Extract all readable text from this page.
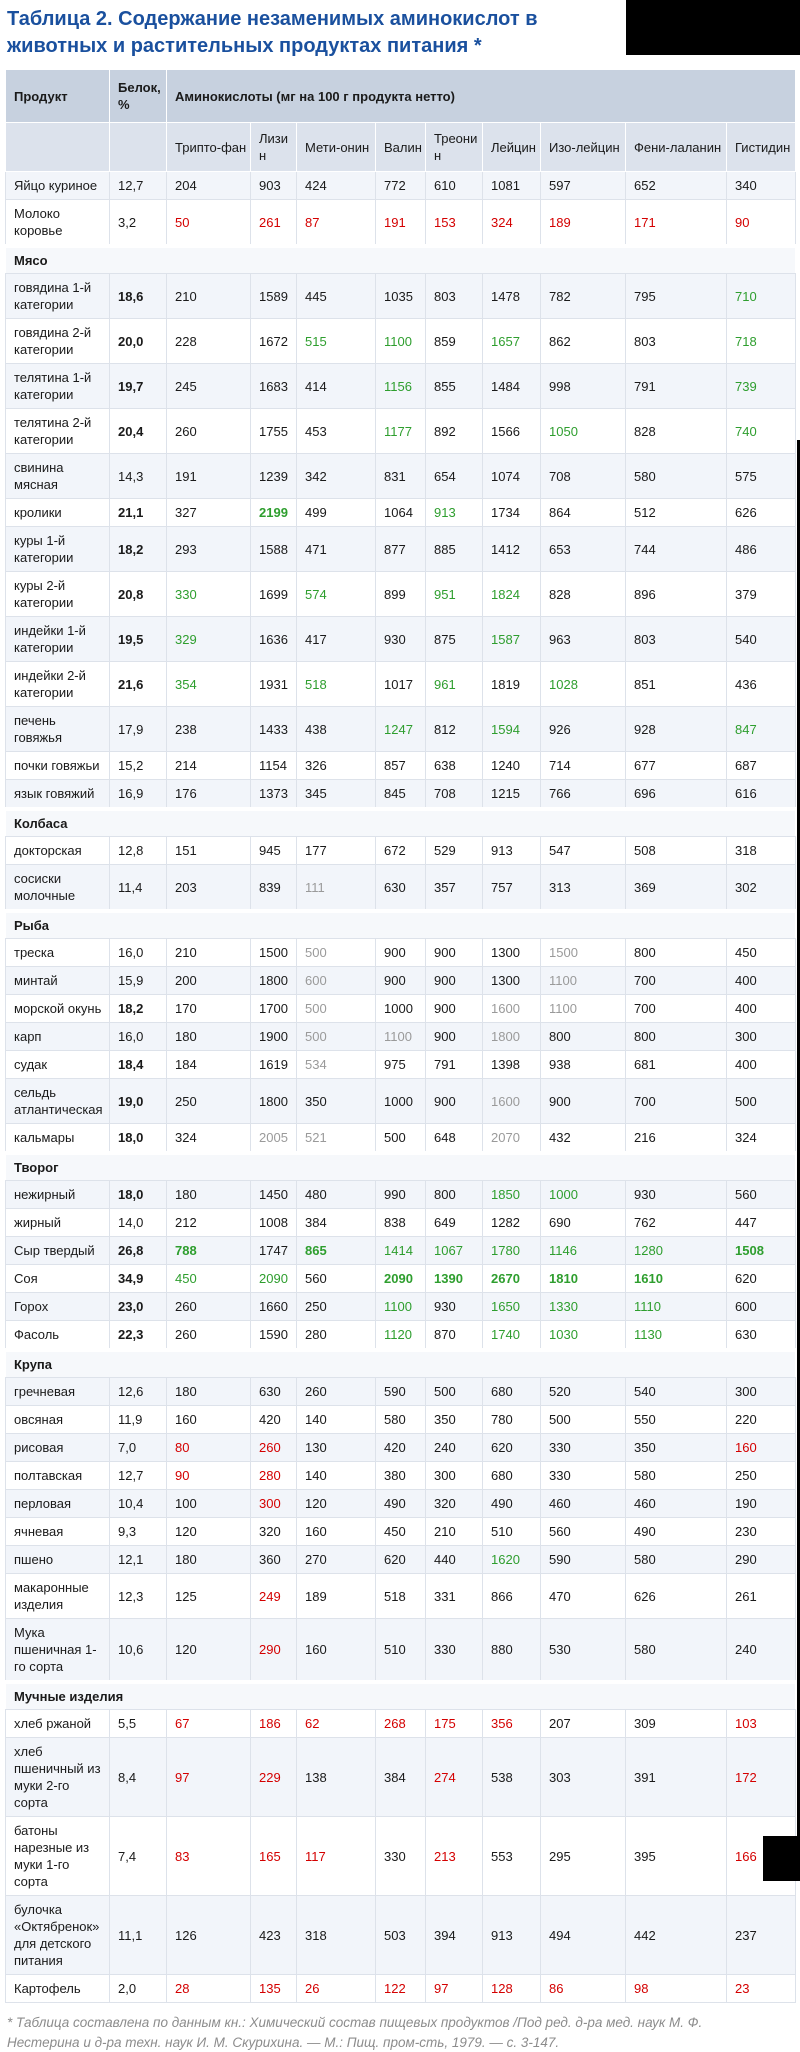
Таблица 2. Содержание незаменимых аминокислот в животных и растительных продуктах питания *
Продукт	Белок, %	Аминокислоты (мг на 100 г продукта нетто)								
		Трипто-фан	Лизин	Мети-онин	Валин	Треонин	Лейцин	Изо-лейцин	Фени-лаланин	Гистидин
Яйцо куриное	12,7	204	903	424	772	610	1081	597	652	340
Молоко коровье	3,2	50	261	87	191	153	324	189	171	90
Мясо										
говядина 1-й категории	18,6	210	1589	445	1035	803	1478	782	795	710
говядина 2-й категории	20,0	228	1672	515	1100	859	1657	862	803	718
телятина 1-й категории	19,7	245	1683	414	1156	855	1484	998	791	739
телятина 2-й категории	20,4	260	1755	453	1177	892	1566	1050	828	740
свинина мясная	14,3	191	1239	342	831	654	1074	708	580	575
кролики	21,1	327	2199	499	1064	913	1734	864	512	626
куры 1-й категории	18,2	293	1588	471	877	885	1412	653	744	486
куры 2-й категории	20,8	330	1699	574	899	951	1824	828	896	379
индейки 1-й категории	19,5	329	1636	417	930	875	1587	963	803	540
индейки 2-й категории	21,6	354	1931	518	1017	961	1819	1028	851	436
печень говяжья	17,9	238	1433	438	1247	812	1594	926	928	847
почки говяжьи	15,2	214	1154	326	857	638	1240	714	677	687
язык говяжий	16,9	176	1373	345	845	708	1215	766	696	616
Колбаса										
докторская	12,8	151	945	177	672	529	913	547	508	318
сосиски молочные	11,4	203	839	111	630	357	757	313	369	302
Рыба										
треска	16,0	210	1500	500	900	900	1300	1500	800	450
минтай	15,9	200	1800	600	900	900	1300	1100	700	400
морской окунь	18,2	170	1700	500	1000	900	1600	1100	700	400
карп	16,0	180	1900	500	1100	900	1800	800	800	300
судак	18,4	184	1619	534	975	791	1398	938	681	400
сельдь атлантическая	19,0	250	1800	350	1000	900	1600	900	700	500
кальмары	18,0	324	2005	521	500	648	2070	432	216	324
Творог										
нежирный	18,0	180	1450	480	990	800	1850	1000	930	560
жирный	14,0	212	1008	384	838	649	1282	690	762	447
Сыр твердый	26,8	788	1747	865	1414	1067	1780	1146	1280	1508
Соя	34,9	450	2090	560	2090	1390	2670	1810	1610	620
Горох	23,0	260	1660	250	1100	930	1650	1330	1110	600
Фасоль	22,3	260	1590	280	1120	870	1740	1030	1130	630
Крупа										
гречневая	12,6	180	630	260	590	500	680	520	540	300
овсяная	11,9	160	420	140	580	350	780	500	550	220
рисовая	7,0	80	260	130	420	240	620	330	350	160
полтавская	12,7	90	280	140	380	300	680	330	580	250
перловая	10,4	100	300	120	490	320	490	460	460	190
ячневая	9,3	120	320	160	450	210	510	560	490	230
пшено	12,1	180	360	270	620	440	1620	590	580	290
макаронные изделия	12,3	125	249	189	518	331	866	470	626	261
Мука пшеничная 1-го сорта	10,6	120	290	160	510	330	880	530	580	240
Мучные изделия										
хлеб ржаной	5,5	67	186	62	268	175	356	207	309	103
хлеб пшеничный из муки 2-го сорта	8,4	97	229	138	384	274	538	303	391	172
батоны нарезные из муки 1-го сорта	7,4	83	165	117	330	213	553	295	395	166
булочка «Октябренок» для детского питания	11,1	126	423	318	503	394	913	494	442	237
Картофель	2,0	28	135	26	122	97	128	86	98	23
* Таблица составлена по данным кн.: Химический состав пищевых продуктов /Под ред. д-ра мед. наук М. Ф. Нестерина и д-ра техн. наук И. М. Скурихина. — М.: Пищ. пром-сть, 1979. — с. 3-147.
